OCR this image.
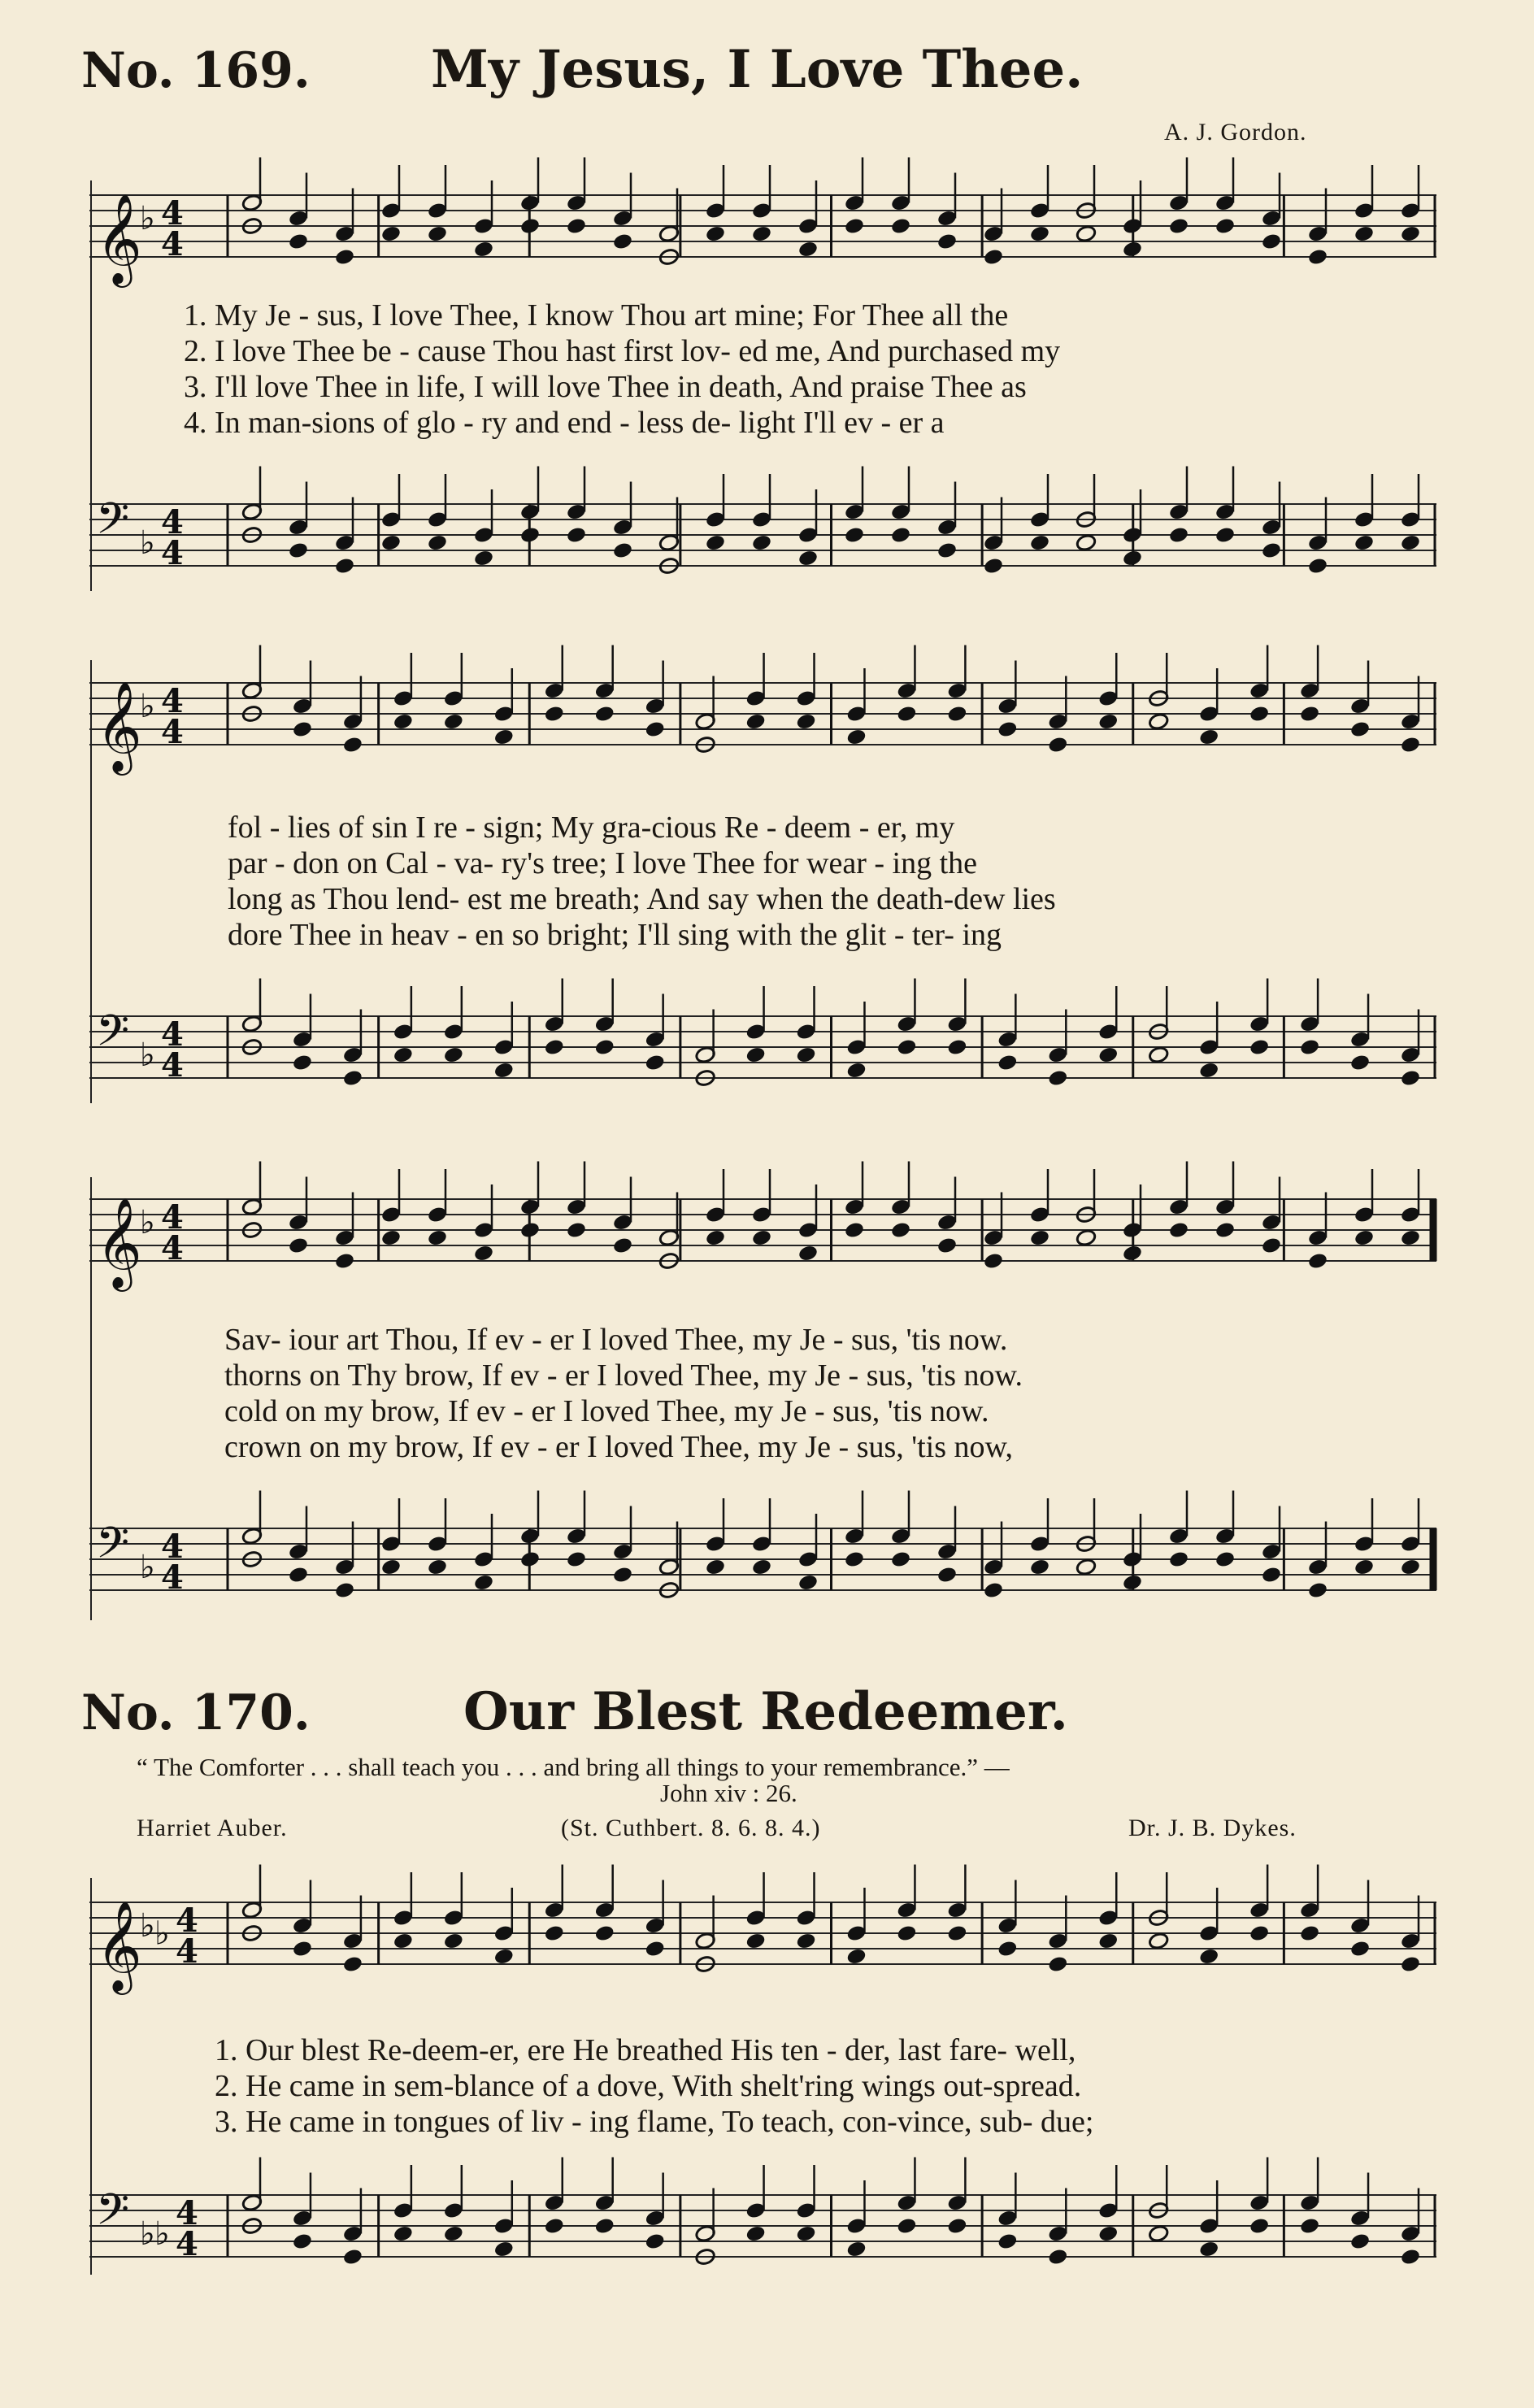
No. 169. My Jesus, I Love Thee.
A. J. Gordon.
𝄞
♭ 4
4
1. My Je - sus, I love Thee, I know Thou art mine; For Thee all the
2. I love Thee be - cause Thou hast first lov- ed me, And purchased my
3. I'll love Thee in life, I will love Thee in death, And praise Thee as
4. In man-sions of glo - ry and end - less de- light I'll ev - er a
𝄢 ♭
4
4
𝄞
♭ 4
4
fol - lies of sin I re - sign; My gra-cious Re - deem - er, my
par - don on Cal - va- ry's tree; I love Thee for wear - ing the
long as Thou lend- est me breath; And say when the death-dew lies
dore Thee in heav - en so bright; I'll sing with the glit - ter- ing
𝄢 ♭
4
4
𝄞
♭ 4
4
Sav- iour art Thou, If ev - er I loved Thee, my Je - sus, 'tis now.
thorns on Thy brow, If ev - er I loved Thee, my Je - sus, 'tis now.
cold on my brow, If ev - er I loved Thee, my Je - sus, 'tis now.
crown on my brow, If ev - er I loved Thee, my Je - sus, 'tis now,
𝄢 ♭
4
4
No. 170.	Our Blest Redeemer.
“ The Comforter . . . shall teach you . . . and bring all things to your remembrance.” —
John xiv : 26.
Harriet Auber.	(St. Cuthbert. 8. 6. 8. 4.)	Dr. J. B. Dykes.
𝄞
♭ ♭ 4
4
1. Our blest Re-deem-er, ere He breathed His ten - der, last fare- well,
2. He came in sem-blance of a dove, With shelt'ring wings out-spread.
3. He came in tongues of liv - ing flame, To teach, con-vince, sub- due;
𝄢 ♭ ♭
4
4
